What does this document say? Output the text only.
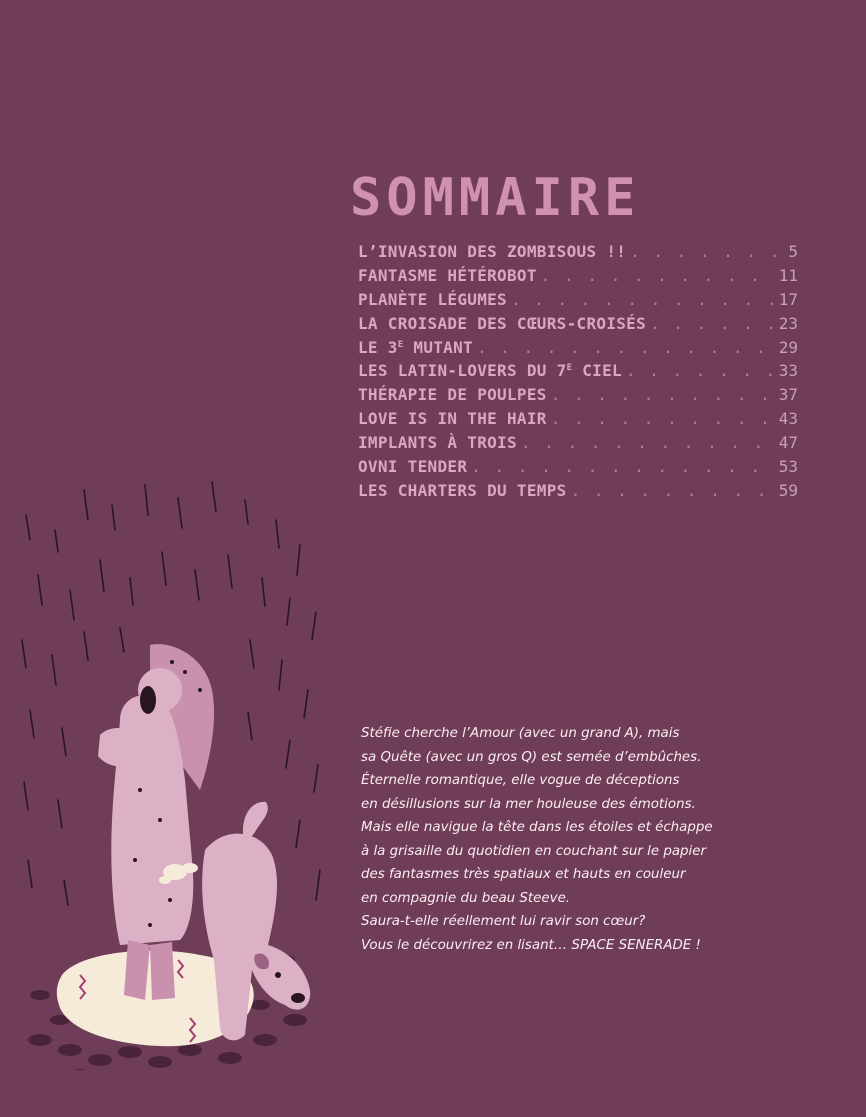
SOMMAIRE
L’INVASION DES ZOMBISOUS !! . . .	5
FANTASME HÉTÉROBOT . . .	11
PLANÈTE LÉGUMES . . .	17
LA CROISADE DES CŒURS-CROISÉS . . .	23
LE $3^E$ MUTANT . . .	29
LES LATIN-LOVERS DU $7^E$ CIEL . . .	33
THÉRAPIE DE POULPES . . .	37
LOVE IS IN THE HAIR . . .	43
IMPLANTS À TROIS . . .	47
OVNI TENDER . . .	53
LES CHARTERS DU TEMPS . . .	59
Stéfie cherche l’Amour (avec un grand A), mais
sa Quête (avec un gros Q) est semée d’embûches.
Éternelle romantique, elle vogue de déceptions
en désillusions sur la mer houleuse des émotions.
Mais elle navigue la tête dans les étoiles et échappe
à la grisaille du quotidien en couchant sur le papier
des fantasmes très spatiaux et hauts en couleur
en compagnie du beau Steeve.
Saura-t-elle réellement lui ravir son cœur?
Vous le découvrirez en lisant… SPACE SENERADE !
